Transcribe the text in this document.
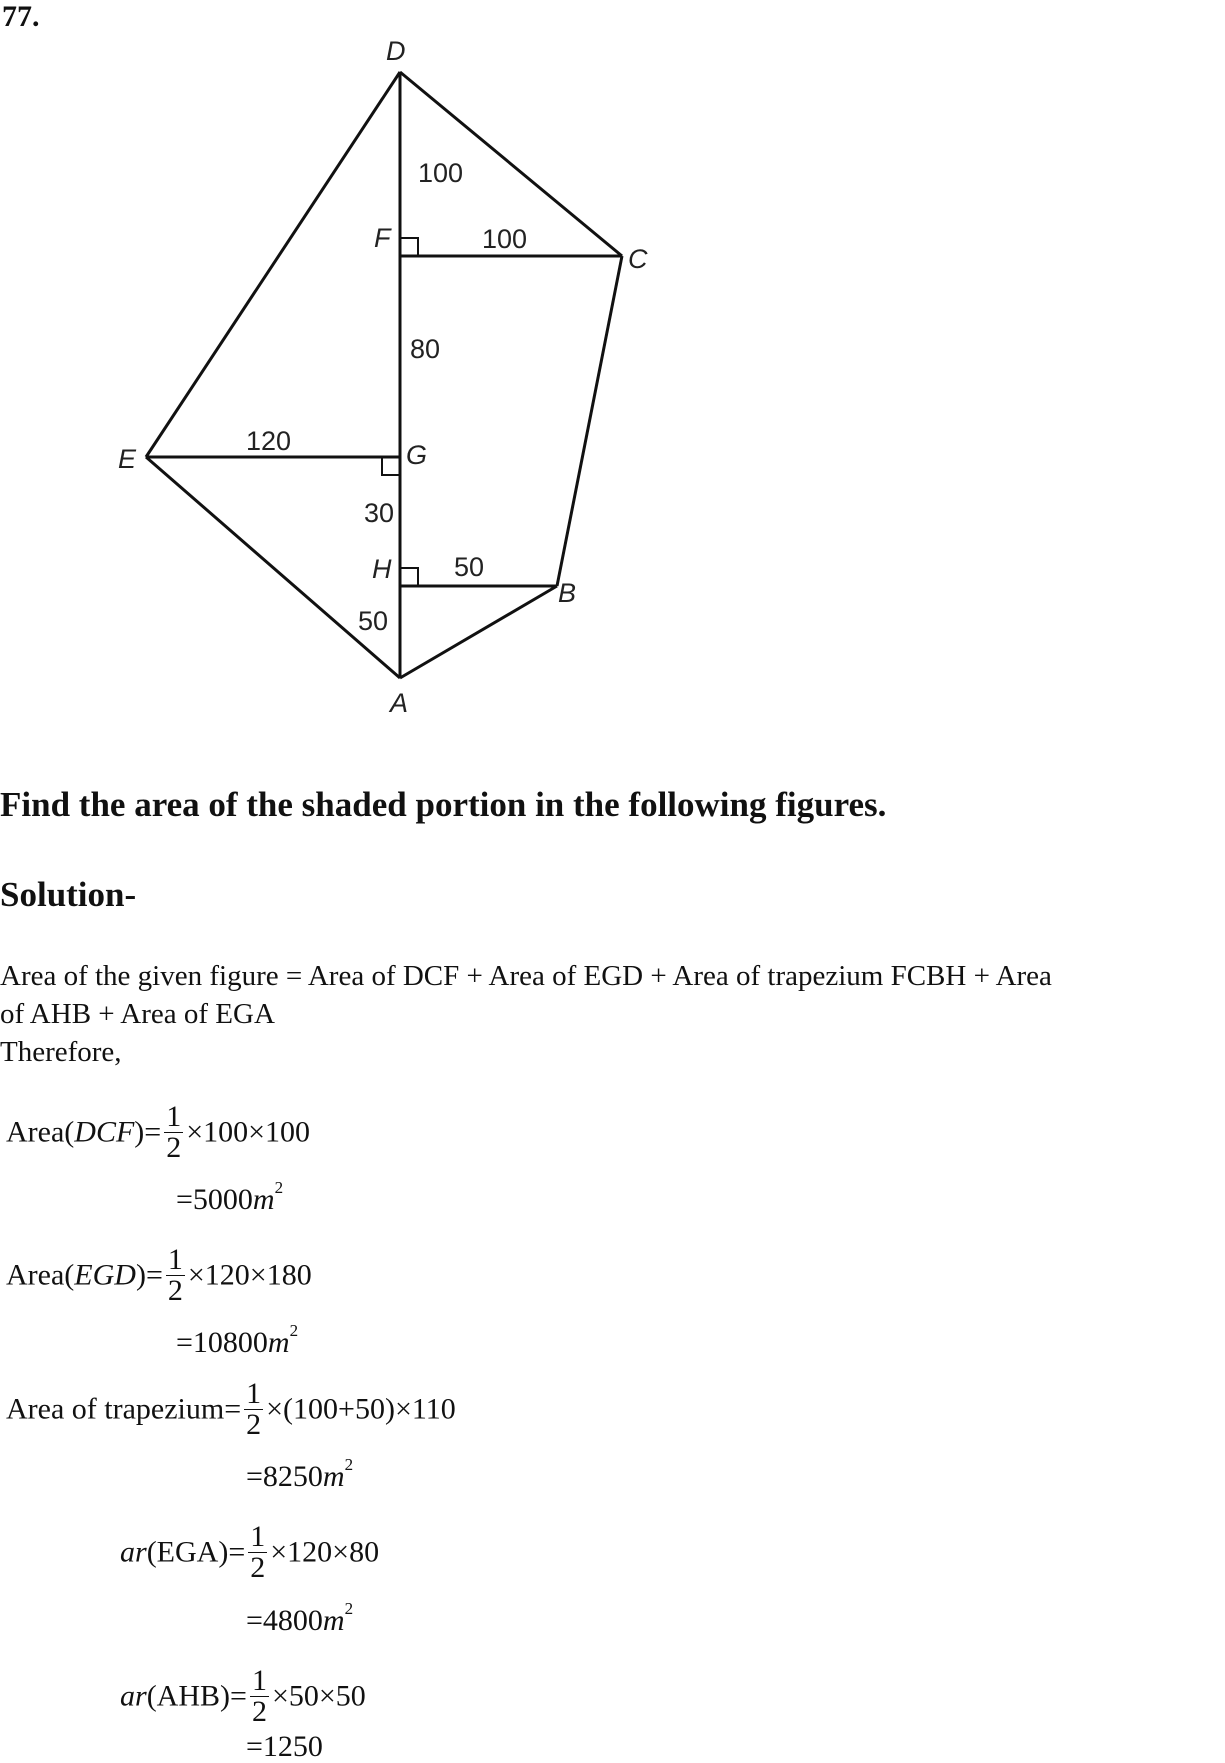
77.
D
F
C
E	G
H
B
A
100
100
80
120
30
50
50
Find the area of the shaded portion in the following figures.
Solution-
Area of the given figure = Area of DCF + Area of EGD + Area of trapezium FCBH + Area
of AHB + Area of EGA
Therefore,
Area(DCF)= $\frac{1}{2} \times 100\times 100$
$=5000m^2$
Area(EGD)= $\frac{1}{2} \times 120\times 180$
$=10800m^2$
Area of trapezium= $\frac{1}{2} \times(100+50)\times 110$
$=8250m^2$
$ar(EGA)= \frac{1}{2} \times 120\times 80$
$=4800m^2$
$ar(AHB)= \frac{1}{2} \times 50\times 50$
=1250
